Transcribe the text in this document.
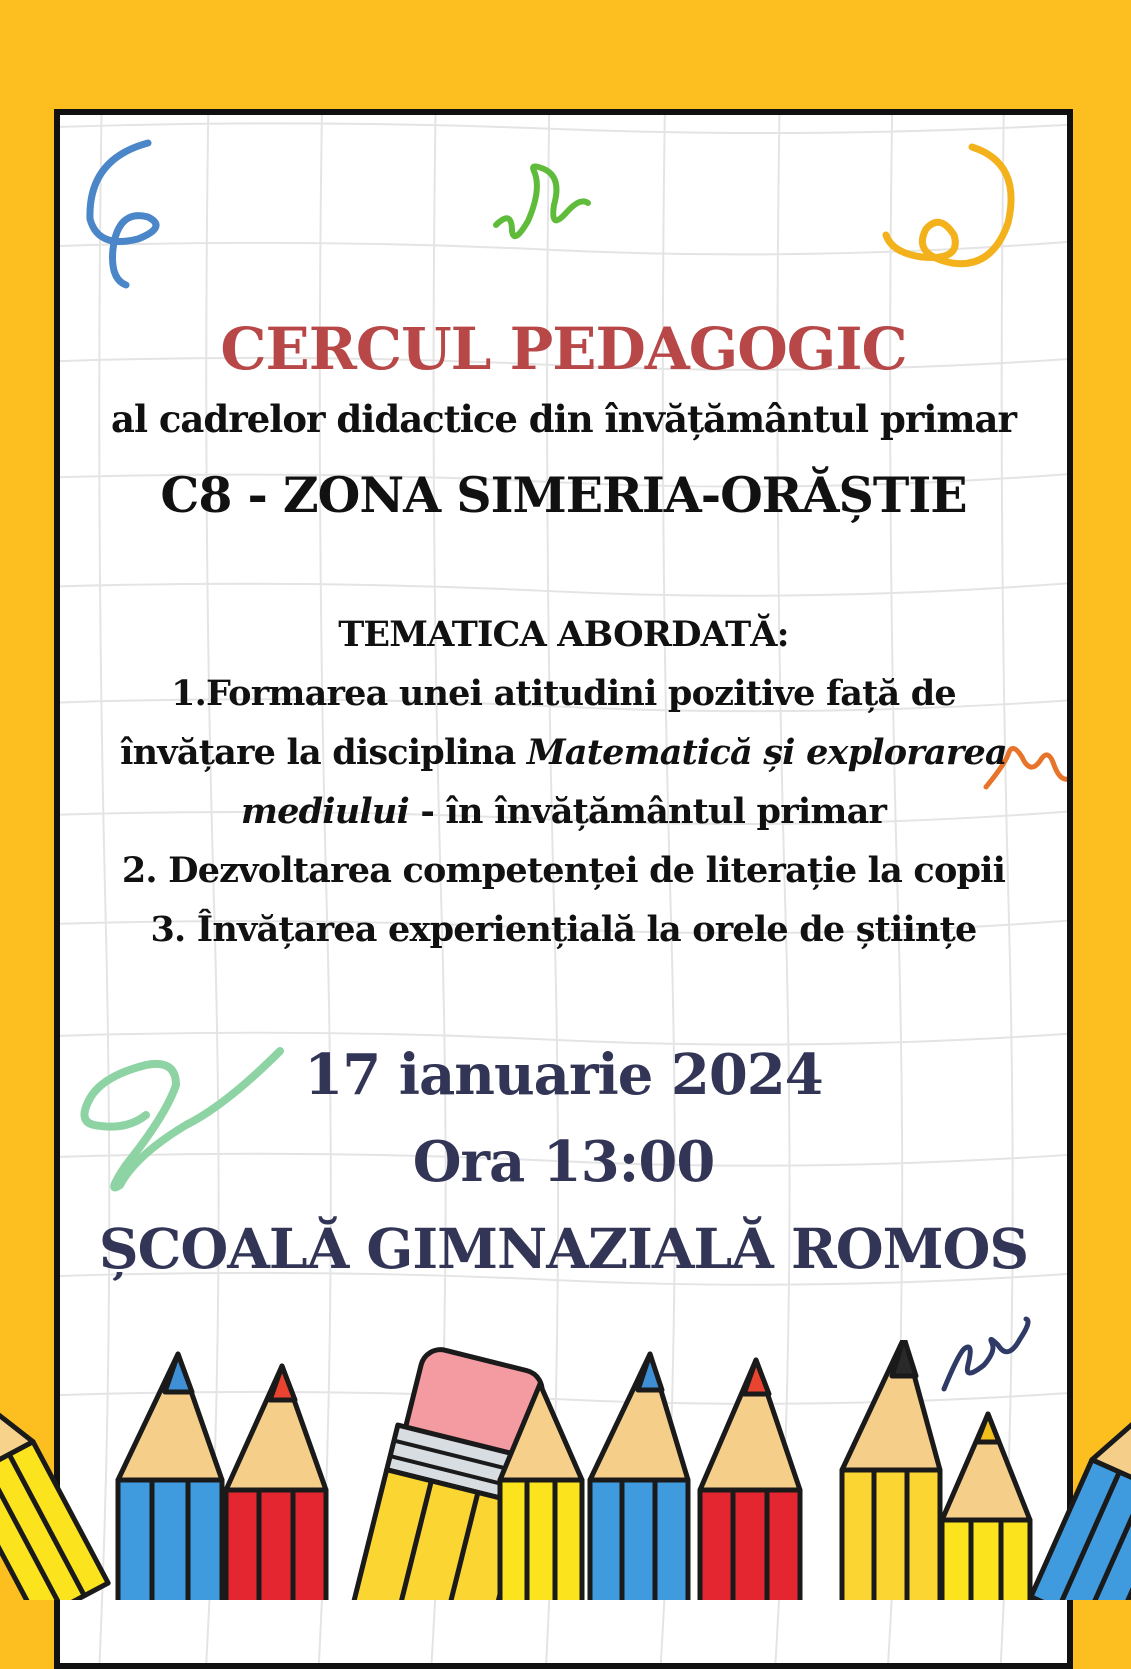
CERCUL PEDAGOGIC
al cadrelor didactice din învățământul primar
C8 - ZONA SIMERIA-ORĂȘTIE
TEMATICA ABORDATĂ:
1.Formarea unei atitudini pozitive față de
învățare la disciplina Matematică și explorarea
mediului - în învățământul primar
2. Dezvoltarea competenței de literație la copii
3. Învățarea experiențială la orele de științe
17 ianuarie 2024
Ora 13:00
ȘCOALĂ GIMNAZIALĂ ROMOS
